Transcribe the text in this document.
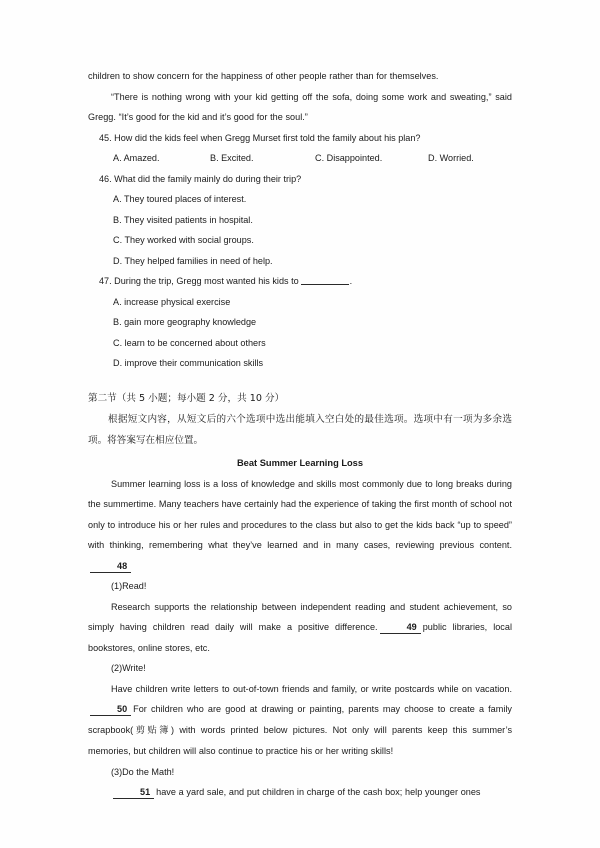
children to show concern for the happiness of other people rather than for themselves.

“There is nothing wrong with your kid getting off the sofa, doing some work and sweating,” said Gregg. “It’s good for the kid and it’s good for the soul.”

45. How did the kids feel when Gregg Murset first told the family about his plan?

A. Amazed.	B. Excited.	C. Disappointed.	D. Worried.

46. What did the family mainly do during their trip?

A. They toured places of interest.

B. They visited patients in hospital.

C. They worked with social groups.

D. They helped families in need of help.

47. During the trip, Gregg most wanted his kids to	.

A. increase physical exercise

B. gain more geography knowledge

C. learn to be concerned about others

D. improve their communication skills

第二节（共 5 小题；每小题 2 分，共 10 分）

根据短文内容，从短文后的六个选项中选出能填入空白处的最佳选项。选项中有一项为多余选项。将答案写在相应位置。

Beat Summer Learning Loss

Summer learning loss is a loss of knowledge and skills most commonly due to long breaks during the summertime. Many teachers have certainly had the experience of taking the first month of school not only to introduce his or her rules and procedures to the class but also to get the kids back “up to speed” with thinking, remembering what they’ve learned and in many cases, reviewing previous content.48

(1)Read!

Research supports the relationship between independent reading and student achievement, so simply having children read daily will make a positive difference.	49 public libraries, local bookstores, online stores, etc.

(2)Write!

Have children write letters to out-of-town friends and family, or write postcards while on vacation.50 For children who are good at drawing or painting, parents may choose to create a family scrapbook(剪贴簿) with words printed below pictures. Not only will parents keep this summer’s memories, but children will also continue to practice his or her writing skills!

(3)Do the Math!

51 have a yard sale, and put children in charge of the cash box; help younger ones
